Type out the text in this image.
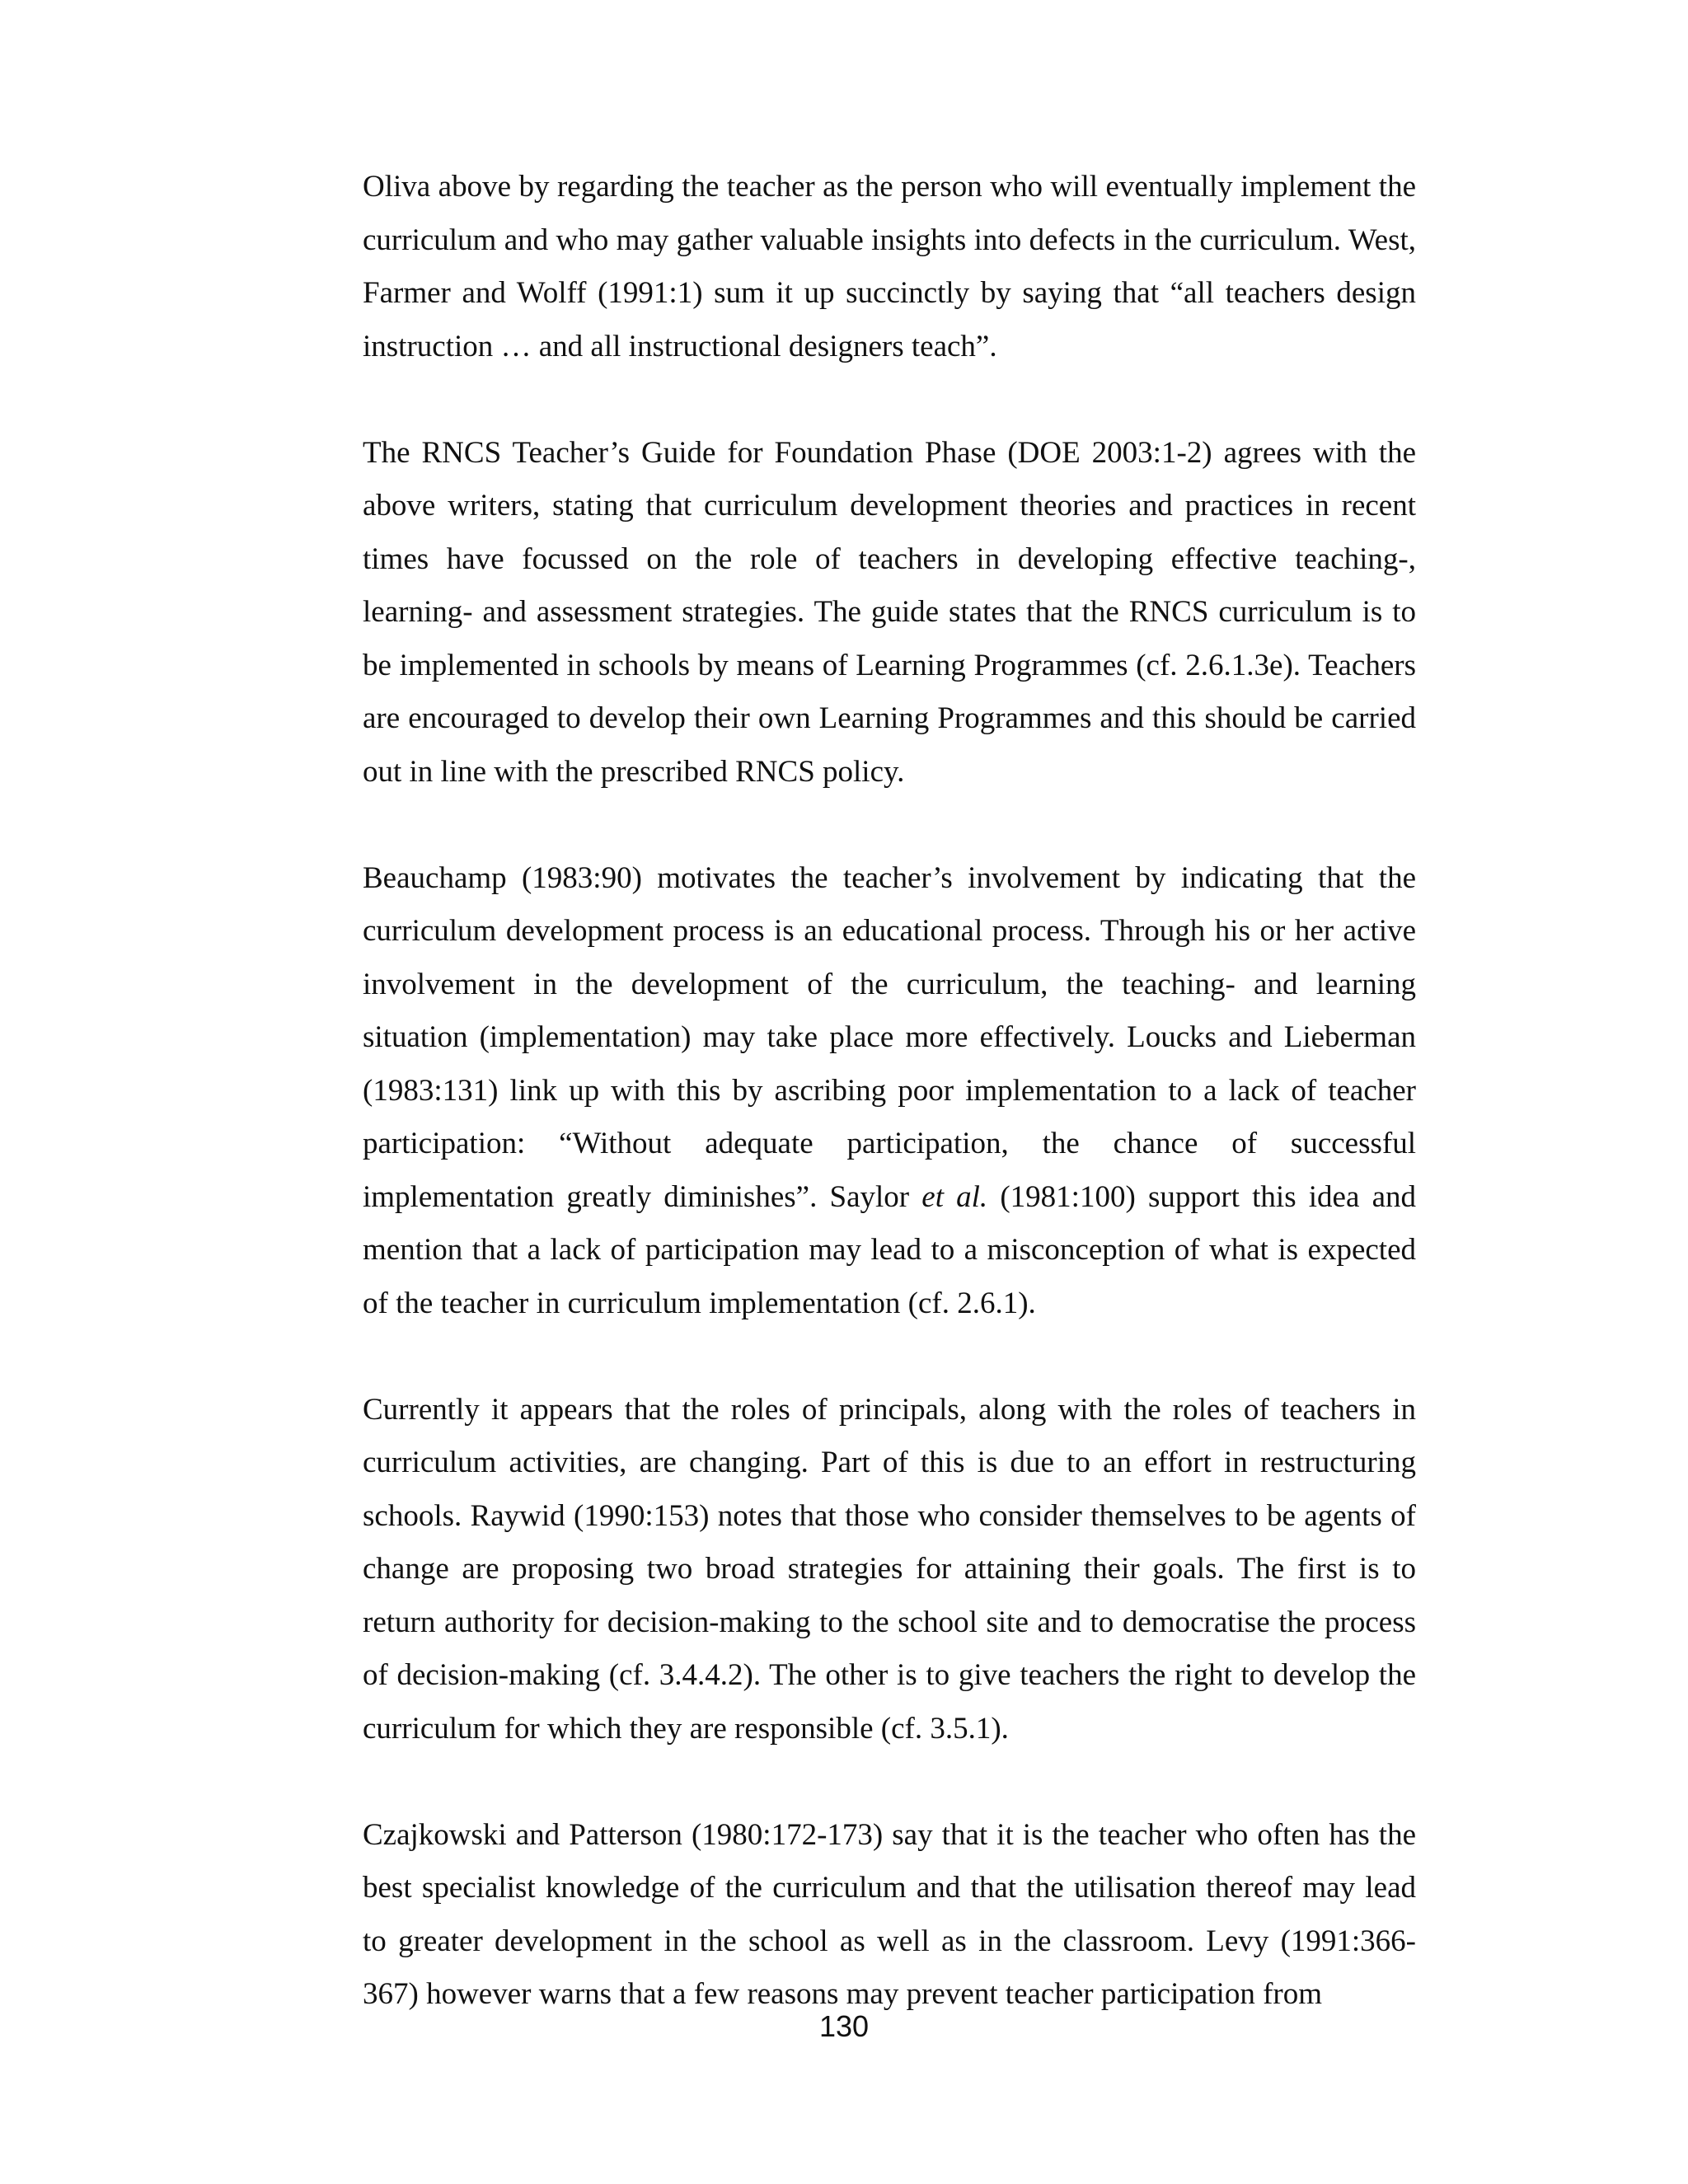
Oliva above by regarding the teacher as the person who will eventually implement the curriculum and who may gather valuable insights into defects in the curriculum. West, Farmer and Wolff (1991:1) sum it up succinctly by saying that “all teachers design instruction … and all instructional designers teach”.

The RNCS Teacher’s Guide for Foundation Phase (DOE 2003:1-2) agrees with the above writers, stating that curriculum development theories and practices in recent times have focussed on the role of teachers in developing effective teaching-, learning- and assessment strategies. The guide states that the RNCS curriculum is to be implemented in schools by means of Learning Programmes (cf. 2.6.1.3e). Teachers are encouraged to develop their own Learning Programmes and this should be carried out in line with the prescribed RNCS policy.

Beauchamp (1983:90) motivates the teacher’s involvement by indicating that the curriculum development process is an educational process. Through his or her active involvement in the development of the curriculum, the teaching- and learning situation (implementation) may take place more effectively. Loucks and Lieberman (1983:131) link up with this by ascribing poor implementation to a lack of teacher participation: “Without adequate participation, the chance of successful implementation greatly diminishes”. Saylor et al. (1981:100) support this idea and mention that a lack of participation may lead to a misconception of what is expected of the teacher in curriculum implementation (cf. 2.6.1).

Currently it appears that the roles of principals, along with the roles of teachers in curriculum activities, are changing. Part of this is due to an effort in restructuring schools. Raywid (1990:153) notes that those who consider themselves to be agents of change are proposing two broad strategies for attaining their goals. The first is to return authority for decision-making to the school site and to democratise the process of decision-making (cf. 3.4.4.2). The other is to give teachers the right to develop the curriculum for which they are responsible (cf. 3.5.1).

Czajkowski and Patterson (1980:172-173) say that it is the teacher who often has the best specialist knowledge of the curriculum and that the utilisation thereof may lead to greater development in the school as well as in the classroom. Levy (1991:366-367) however warns that a few reasons may prevent teacher participation from

130
